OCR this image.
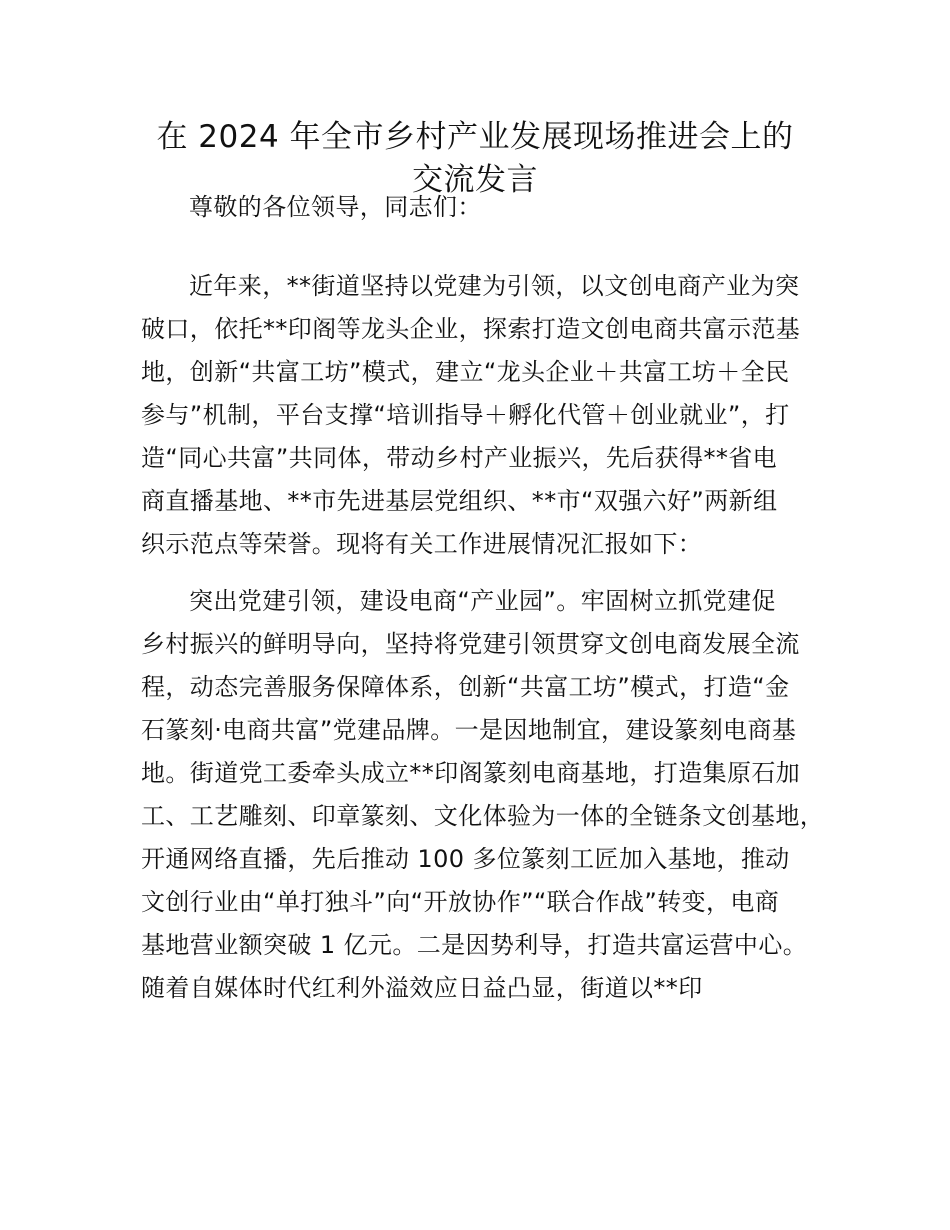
在 2024 年全市乡村产业发展现场推进会上的
交流发言
尊敬的各位领导，同志们：
近年来，**街道坚持以党建为引领，以文创电商产业为突
破口，依托**印阁等龙头企业，探索打造文创电商共富示范基
地，创新“共富工坊”模式，建立“龙头企业＋共富工坊＋全民
参与”机制，平台支撑“培训指导＋孵化代管＋创业就业”，打
造“同心共富”共同体，带动乡村产业振兴，先后获得**省电
商直播基地、**市先进基层党组织、**市“双强六好”两新组
织示范点等荣誉。现将有关工作进展情况汇报如下：
突出党建引领，建设电商“产业园”。牢固树立抓党建促
乡村振兴的鲜明导向，坚持将党建引领贯穿文创电商发展全流
程，动态完善服务保障体系，创新“共富工坊”模式，打造“金
石篆刻·电商共富”党建品牌。一是因地制宜，建设篆刻电商基
地。街道党工委牵头成立**印阁篆刻电商基地，打造集原石加
工、工艺雕刻、印章篆刻、文化体验为一体的全链条文创基地，
开通网络直播，先后推动 100 多位篆刻工匠加入基地，推动
文创行业由“单打独斗”向“开放协作”“联合作战”转变，电商
基地营业额突破 1 亿元。二是因势利导，打造共富运营中心。
随着自媒体时代红利外溢效应日益凸显，街道以**印
